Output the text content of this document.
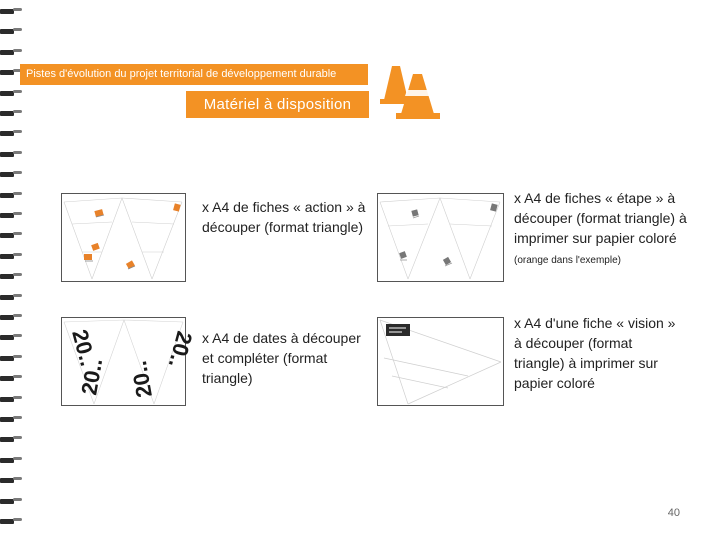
Pistes d'évolution du projet territorial de développement durable
Matériel à disposition
x A4 de fiches « action » à découper (format triangle)
x A4 de fiches « étape » à découper (format triangle) à imprimer sur papier coloré (orange dans l'exemple)
20..	20..
20.. 20..
x A4 de dates à découper et compléter (format triangle)
x A4 d'une fiche « vision » à découper (format triangle) à imprimer sur papier coloré
40
